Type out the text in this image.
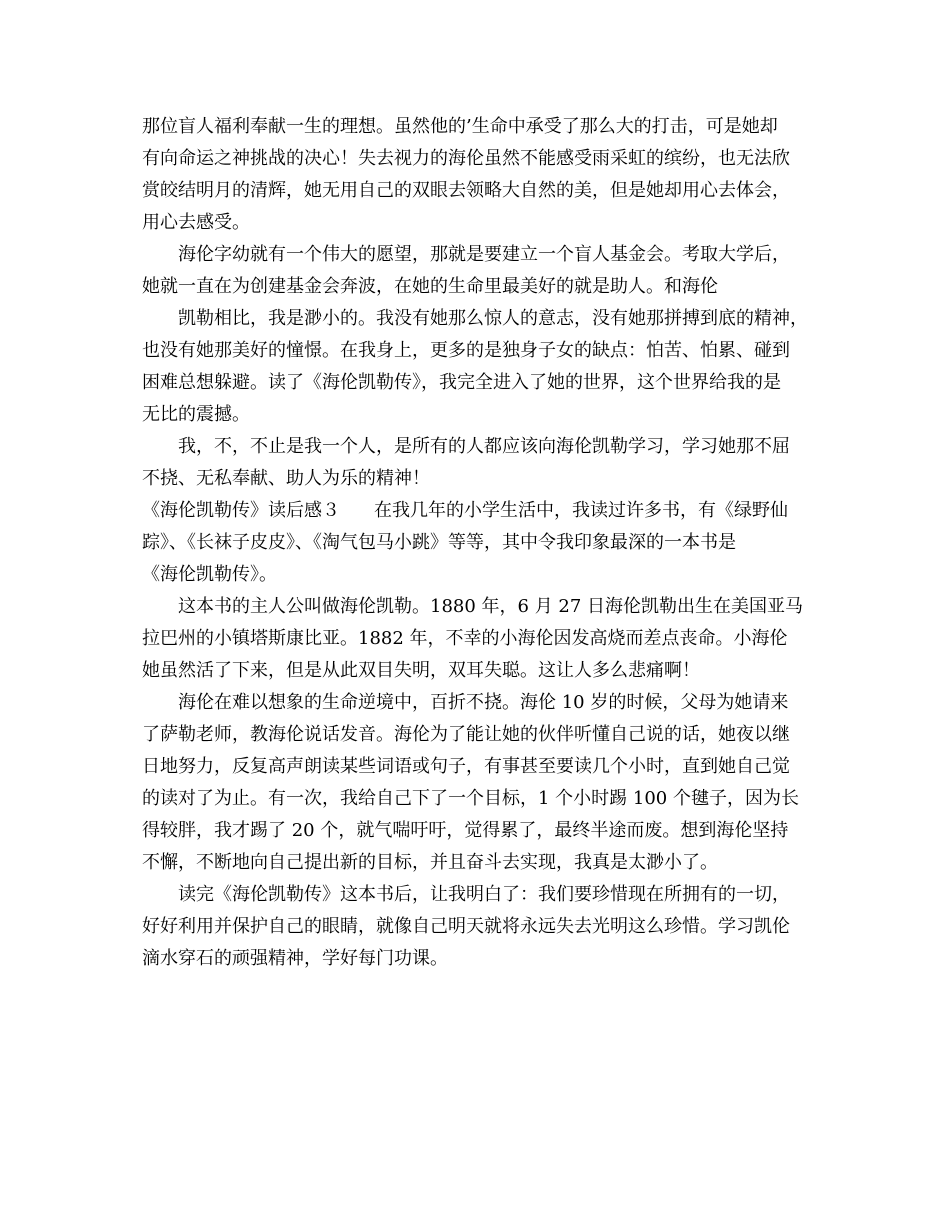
那位盲人福利奉献一生的理想。虽然他的’生命中承受了那么大的打击，可是她却
有向命运之神挑战的决心！失去视力的海伦虽然不能感受雨采虹的缤纷，也无法欣
赏皎结明月的清辉，她无用自己的双眼去领略大自然的美，但是她却用心去体会，
用心去感受。
海伦字幼就有一个伟大的愿望，那就是要建立一个盲人基金会。考取大学后，
她就一直在为创建基金会奔波，在她的生命里最美好的就是助人。和海伦
凯勒相比，我是渺小的。我没有她那么惊人的意志，没有她那拼搏到底的精神，
也没有她那美好的憧憬。在我身上，更多的是独身子女的缺点：怕苦、怕累、碰到
困难总想躲避。读了《海伦凯勒传》，我完全进入了她的世界，这个世界给我的是
无比的震撼。
我，不，不止是我一个人，是所有的人都应该向海伦凯勒学习，学习她那不屈
不挠、无私奉献、助人为乐的精神！
《海伦凯勒传》读后感３ 在我几年的小学生活中，我读过许多书，有《绿野仙
踪》、《长袜子皮皮》、《淘气包马小跳》等等，其中令我印象最深的一本书是
《海伦凯勒传》。
这本书的主人公叫做海伦凯勒。1880 年，6 月 27 日海伦凯勒出生在美国亚马
拉巴州的小镇塔斯康比亚。1882 年，不幸的小海伦因发高烧而差点丧命。小海伦
她虽然活了下来，但是从此双目失明，双耳失聪。这让人多么悲痛啊！
海伦在难以想象的生命逆境中，百折不挠。海伦 10 岁的时候，父母为她请来
了萨勒老师，教海伦说话发音。海伦为了能让她的伙伴听懂自己说的话，她夜以继
日地努力，反复高声朗读某些词语或句子，有事甚至要读几个小时，直到她自己觉
的读对了为止。有一次，我给自己下了一个目标，1 个小时踢 100 个毽子，因为长
得较胖，我才踢了 20 个，就气喘吁吁，觉得累了，最终半途而废。想到海伦坚持
不懈，不断地向自己提出新的目标，并且奋斗去实现，我真是太渺小了。
读完《海伦凯勒传》这本书后，让我明白了：我们要珍惜现在所拥有的一切，
好好利用并保护自己的眼睛，就像自己明天就将永远失去光明这么珍惜。学习凯伦
滴水穿石的顽强精神，学好每门功课。
